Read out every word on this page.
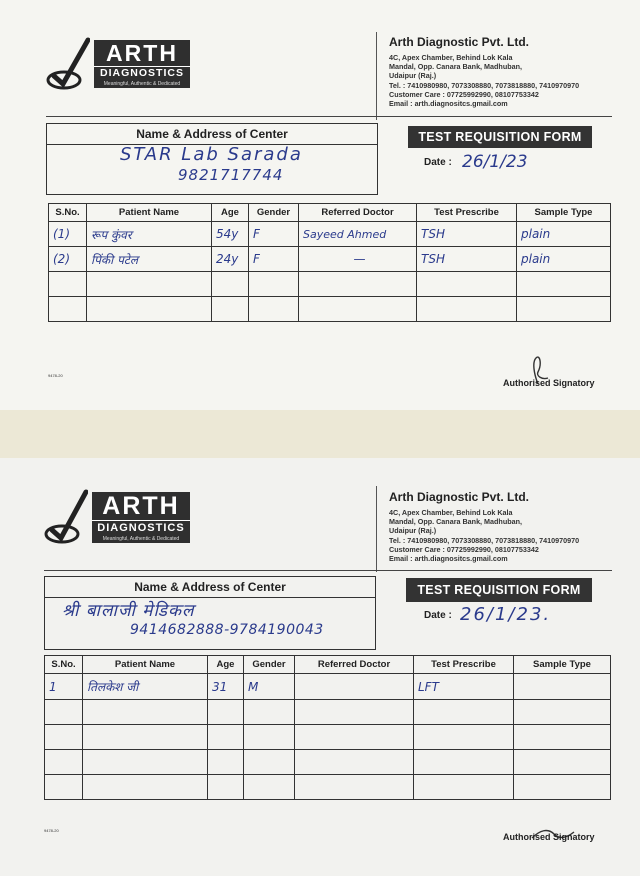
ARTH
DIAGNOSTICS
Meaningful, Authentic & Dedicated
Arth Diagnostic Pvt. Ltd.
4C, Apex Chamber, Behind Lok Kala
Mandal, Opp. Canara Bank, Madhuban,
Udaipur (Raj.)
Tel. : 7410980980, 7073308880, 7073818880, 7410970970
Customer Care : 07725992990, 08107753342
Email : arth.diagnositcs.gmail.com
Name & Address of Center
STAR Lab Sarada
9821717744
TEST REQUISITION FORM
Date : 26/1/23
S.No.	Patient Name	Age	Gender	Referred Doctor	Test Prescribe	Sample Type
(1)	रूप कुंवर	54y	F	Sayeed Ahmed	TSH	plain
(2)	पिंकी पटेल	24y	F	—	TSH	plain

9478-20
Authorised Signatory
ARTH
DIAGNOSTICS
Meaningful, Authentic & Dedicated
Arth Diagnostic Pvt. Ltd.
4C, Apex Chamber, Behind Lok Kala
Mandal, Opp. Canara Bank, Madhuban,
Udaipur (Raj.)
Tel. : 7410980980, 7073308880, 7073818880, 7410970970
Customer Care : 07725992990, 08107753342
Email : arth.diagnositcs.gmail.com
Name & Address of Center
श्री बालाजी मेडिकल
9414682888-9784190043
TEST REQUISITION FORM
Date : 26/1/23.
S.No.	Patient Name	Age	Gender	Referred Doctor	Test Prescribe	Sample Type
1	तिलकेश जी	31	M		LFT	

9478-20
Authorised Signatory
